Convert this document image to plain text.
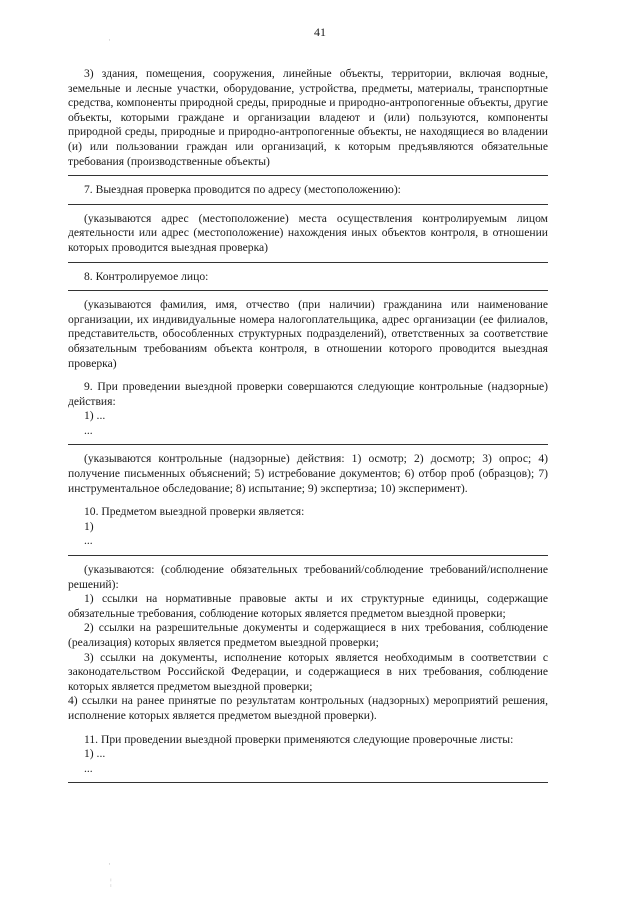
41

3) здания, помещения, сооружения, линейные объекты, территории, включая водные, земельные и лесные участки, оборудование, устройства, предметы, материалы, транспортные средства, компоненты природной среды, природные и природно-антропогенные объекты, другие объекты, которыми граждане и организации владеют и (или) пользуются, компоненты природной среды, природные и природно-антропогенные объекты, не находящиеся во владении (и) или пользовании граждан или организаций, к которым предъявляются обязательные требования (производственные объекты)

7. Выездная проверка проводится по адресу (местоположению):

(указываются адрес (местоположение) места осуществления контролируемым лицом деятельности или адрес (местоположение) нахождения иных объектов контроля, в отношении которых проводится выездная проверка)

8. Контролируемое лицо:

(указываются фамилия, имя, отчество (при наличии) гражданина или наименование организации, их индивидуальные номера налогоплательщика, адрес организации (ее филиалов, представительств, обособленных структурных подразделений), ответственных за соответствие обязательным требованиям объекта контроля, в отношении которого проводится выездная проверка)

9. При проведении выездной проверки совершаются следующие контрольные (надзорные) действия:

1) ...

...

(указываются контрольные (надзорные) действия: 1) осмотр; 2) досмотр; 3) опрос; 4) получение письменных объяснений; 5) истребование документов; 6) отбор проб (образцов); 7) инструментальное обследование; 8) испытание; 9) экспертиза; 10) эксперимент).

10. Предметом выездной проверки является:

1)

...

(указываются: (соблюдение обязательных требований/соблюдение требований/исполнение решений):

1) ссылки на нормативные правовые акты и их структурные единицы, содержащие обязательные требования, соблюдение которых является предметом выездной проверки;

2) ссылки на разрешительные документы и содержащиеся в них требования, соблюдение (реализация) которых является предметом выездной проверки;

3) ссылки на документы, исполнение которых является необходимым в соответствии с законодательством Российской Федерации, и содержащиеся в них требования, соблюдение которых является предметом выездной проверки;

4) ссылки на ранее принятые по результатам контрольных (надзорных) мероприятий решения, исполнение которых является предметом выездной проверки).

11. При проведении выездной проверки применяются следующие проверочные листы:

1) ...

...

·
·
¦
